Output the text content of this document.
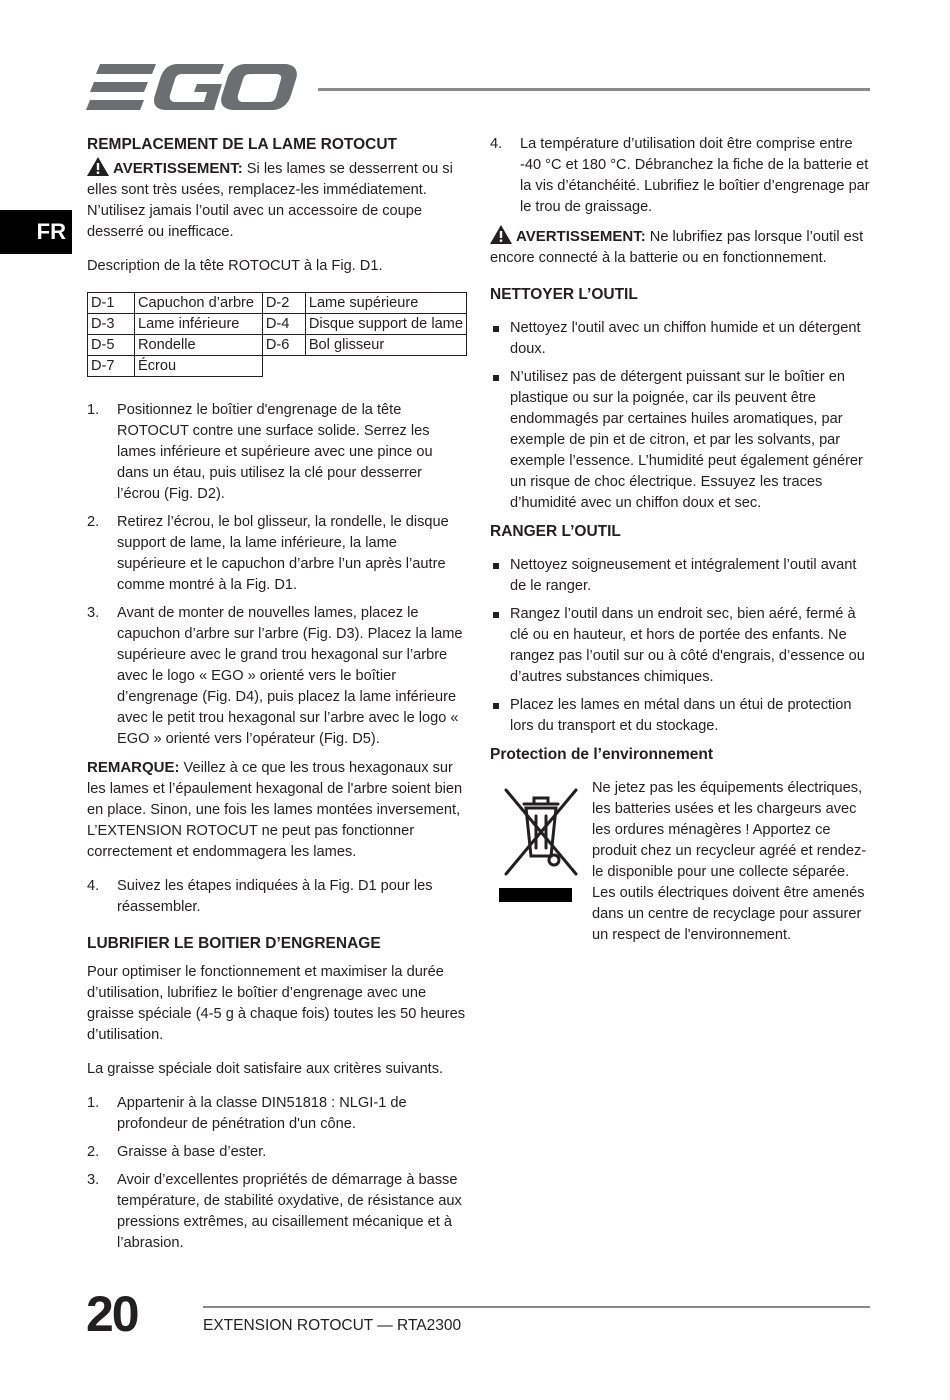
FR
REMPLACEMENT DE LA LAME ROTOCUT

AVERTISSEMENT: Si les lames se desserrent ou si elles sont très usées, remplacez-les immédiatement. N’utilisez jamais l’outil avec un accessoire de coupe desserré ou inefficace.

Description de la tête ROTOCUT à la Fig. D1.

D-1	Capuchon d’arbre	D-2	Lame supérieure
D-3	Lame inférieure	D-4	Disque support de lame
D-5	Rondelle	D-6	Bol glisseur
D-7	Écrou		
1. Positionnez le boîtier d'engrenage de la tête ROTOCUT contre une surface solide. Serrez les lames inférieure et supérieure avec une pince ou dans un étau, puis utilisez la clé pour desserrer l’écrou (Fig. D2).
2. Retirez l’écrou, le bol glisseur, la rondelle, le disque support de lame, la lame inférieure, la lame supérieure et le capuchon d’arbre l’un après l’autre comme montré à la Fig. D1.
3. Avant de monter de nouvelles lames, placez le capuchon d’arbre sur l’arbre (Fig. D3). Placez la lame supérieure avec le grand trou hexagonal sur l’arbre avec le logo « EGO » orienté vers le boîtier d’engrenage (Fig. D4), puis placez la lame inférieure avec le petit trou hexagonal sur l’arbre avec le logo « EGO » orienté vers l’opérateur (Fig. D5).

REMARQUE: Veillez à ce que les trous hexagonaux sur les lames et l’épaulement hexagonal de l'arbre soient bien en place. Sinon, une fois les lames montées inversement, L’EXTENSION ROTOCUT ne peut pas fonctionner correctement et endommagera les lames.

4. Suivez les étapes indiquées à la Fig. D1 pour les réassembler.
LUBRIFIER LE BOITIER D’ENGRENAGE

Pour optimiser le fonctionnement et maximiser la durée d’utilisation, lubrifiez le boîtier d’engrenage avec une graisse spéciale (4-5 g à chaque fois) toutes les 50 heures d’utilisation.

La graisse spéciale doit satisfaire aux critères suivants.

1. Appartenir à la classe DIN51818 : NLGI-1 de profondeur de pénétration d'un cône.
2. Graisse à base d’ester.
3. Avoir d’excellentes propriétés de démarrage à basse température, de stabilité oxydative, de résistance aux pressions extrêmes, au cisaillement mécanique et à l’abrasion.
4. La température d’utilisation doit être comprise entre -40 °C et 180 °C. Débranchez la fiche de la batterie et la vis d’étanchéité. Lubrifiez le boîtier d’engrenage par le trou de graissage.

AVERTISSEMENT: Ne lubrifiez pas lorsque l’outil est encore connecté à la batterie ou en fonctionnement.

NETTOYER L’OUTIL
Nettoyez l'outil avec un chiffon humide et un détergent doux.
N’utilisez pas de détergent puissant sur le boîtier en plastique ou sur la poignée, car ils peuvent être endommagés par certaines huiles aromatiques, par exemple de pin et de citron, et par les solvants, par exemple l’essence. L’humidité peut également générer un risque de choc électrique. Essuyez les traces d’humidité avec un chiffon doux et sec.
RANGER L’OUTIL
Nettoyez soigneusement et intégralement l’outil avant de le ranger.
Rangez l’outil dans un endroit sec, bien aéré, fermé à clé ou en hauteur, et hors de portée des enfants. Ne rangez pas l’outil sur ou à côté d'engrais, d’essence ou d’autres substances chimiques.
Placez les lames en métal dans un étui de protection lors du transport et du stockage.
Protection de l’environnement

Ne jetez pas les équipements électriques, les batteries usées et les chargeurs avec les ordures ménagères ! Apportez ce produit chez un recycleur agréé et rendez-le disponible pour une collecte séparée. Les outils électriques doivent être amenés dans un centre de recyclage pour assurer un respect de l'environnement.

20	EXTENSION ROTOCUT — RTA2300
